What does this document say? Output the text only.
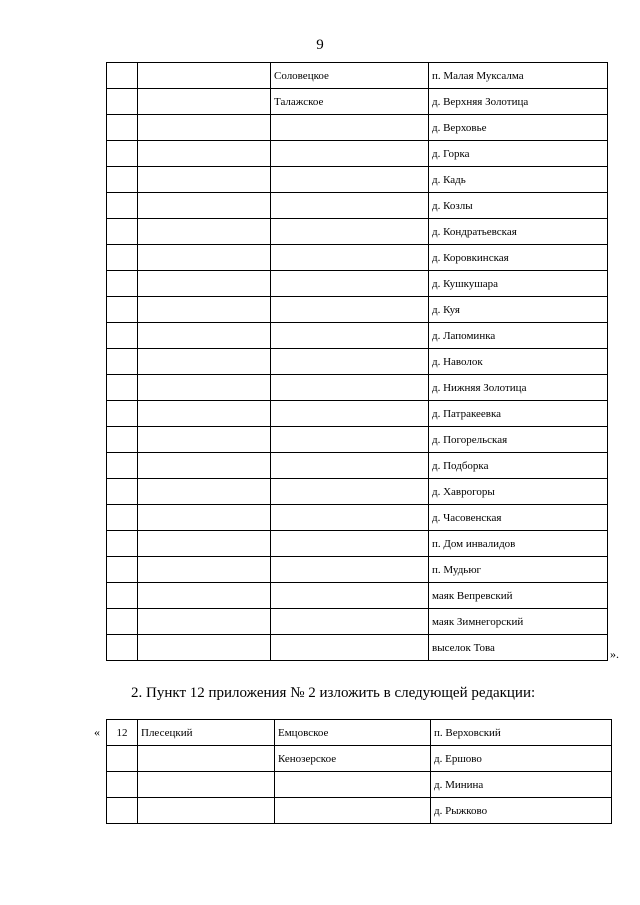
9
		Соловецкое	п. Малая Муксалма
		Талажское	д. Верхняя Золотица
			д. Верховье
			д. Горка
			д. Кадь
			д. Козлы
			д. Кондратьевская
			д. Коровкинская
			д. Кушкушара
			д. Куя
			д. Лапоминка
			д. Наволок
			д. Нижняя Золотица
			д. Патракеевка
			д. Погорельская
			д. Подборка
			д. Хаврогоры
			д. Часовенская
			п. Дом инвалидов
			п. Мудьюг
			маяк Вепревский
			маяк Зимнегорский
			выселок Това	».
2. Пункт 12 приложения № 2 изложить в следующей редакции:
« 12	Плесецкий	Емцовское	п. Верховский
		Кенозерское	д. Ершово
			д. Минина
			д. Рыжково
